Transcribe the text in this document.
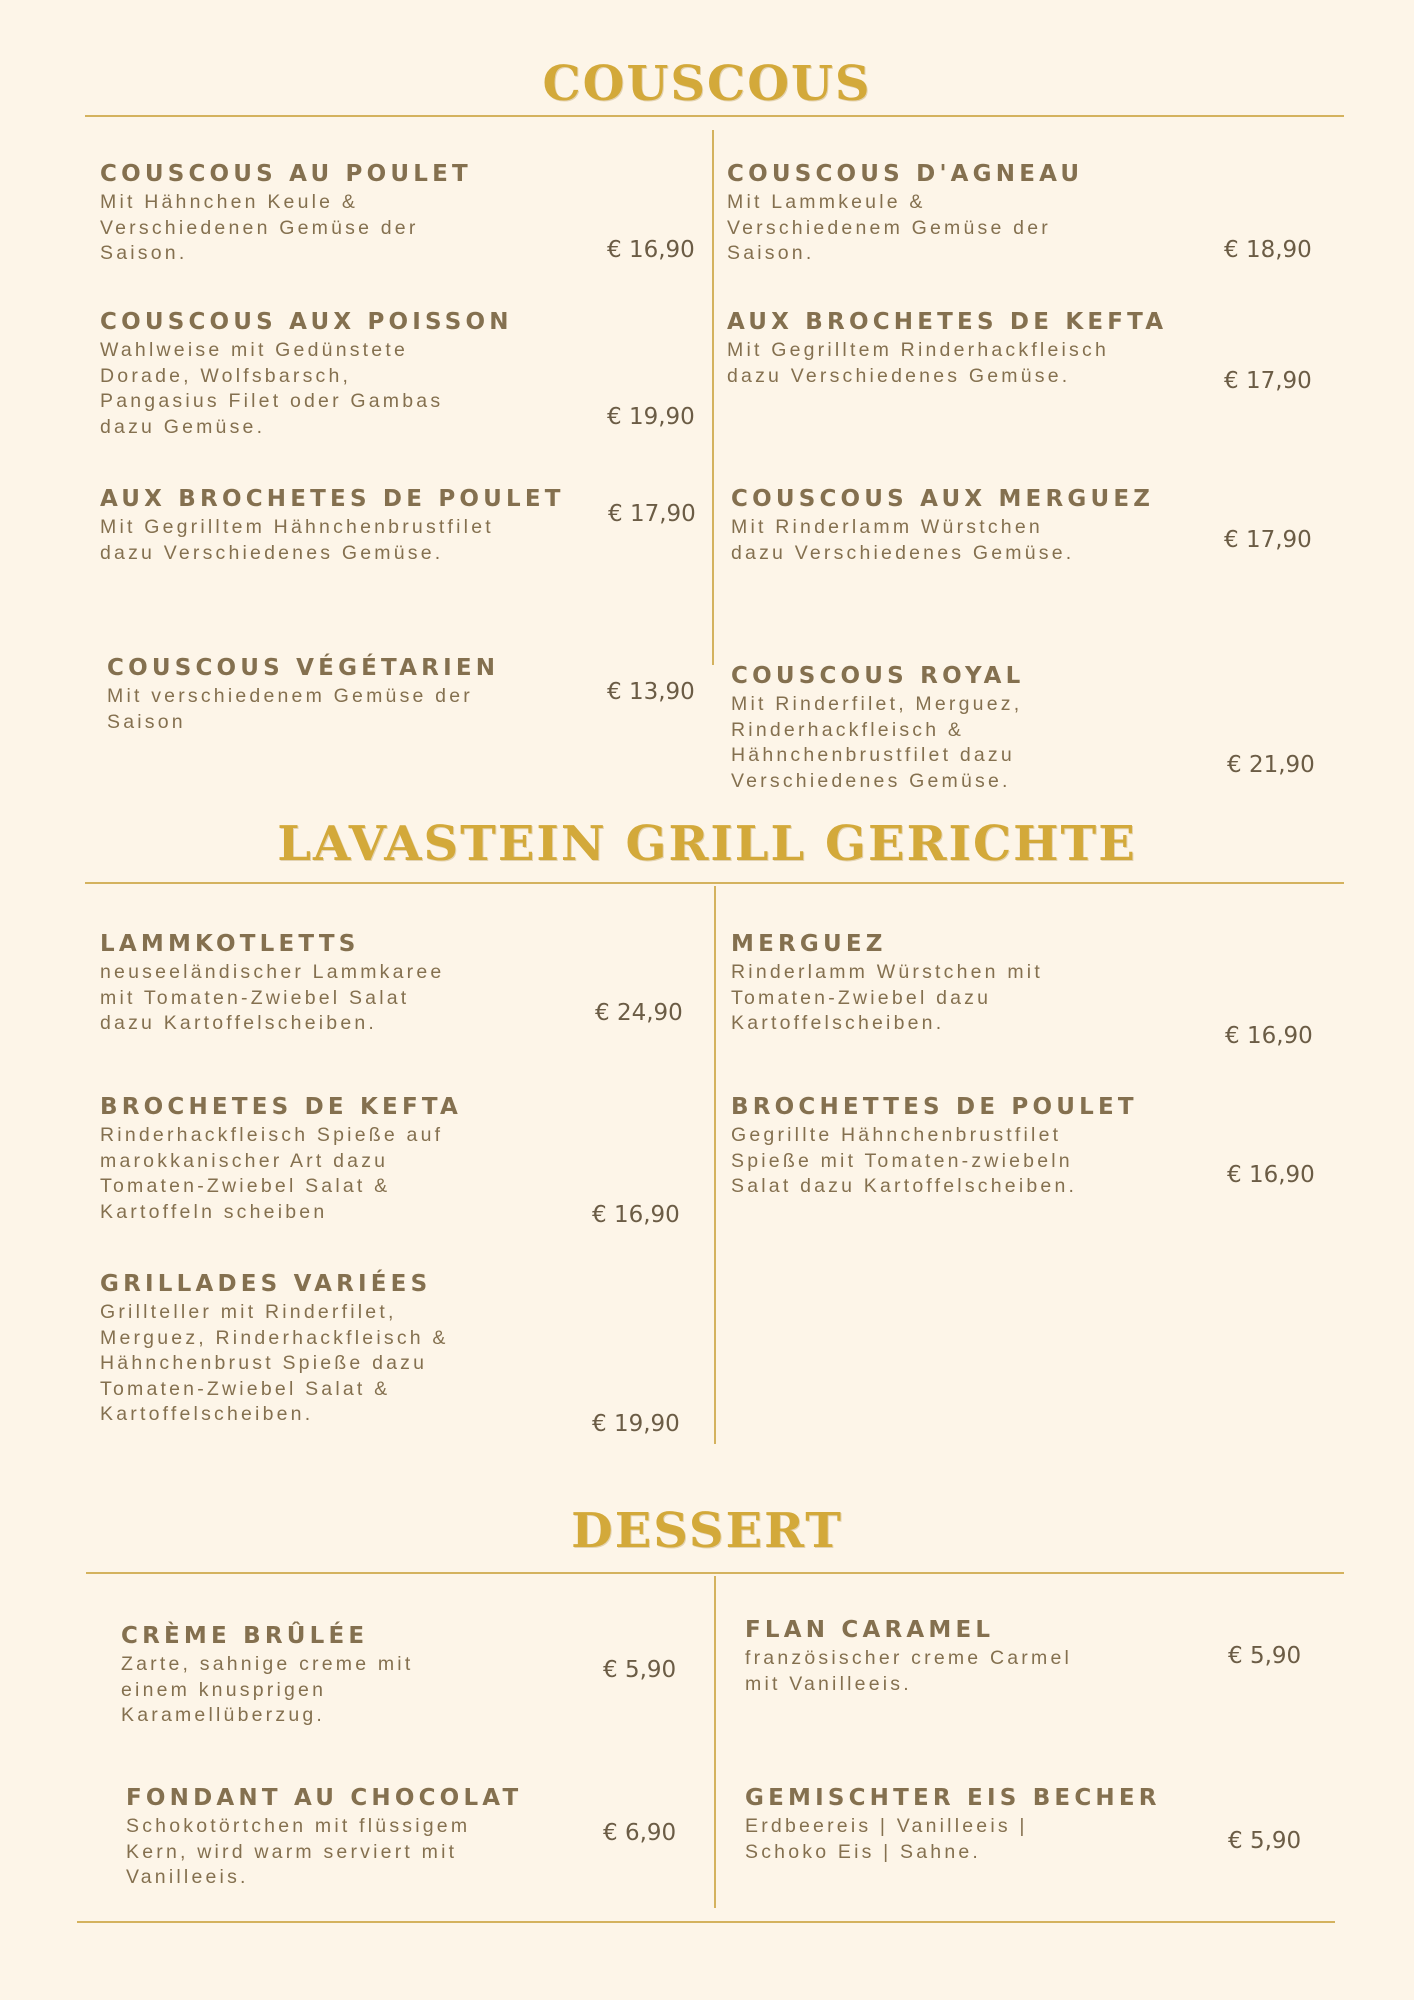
COUSCOUS

COUSCOUS AU POULET

Mit Hähnchen Keule &
Verschiedenen Gemüse der
Saison.	€ 16,90

COUSCOUS D'AGNEAU

Mit Lammkeule &
Verschiedenem Gemüse der
Saison.	€ 18,90

COUSCOUS AUX POISSON

Wahlweise mit Gedünstete
Dorade, Wolfsbarsch,
Pangasius Filet oder Gambas
dazu Gemüse.	€ 19,90

AUX BROCHETES DE KEFTA

Mit Gegrilltem Rinderhackfleisch
dazu Verschiedenes Gemüse.	€ 17,90

AUX BROCHETES DE POULET

Mit Gegrilltem Hähnchenbrustfilet
dazu Verschiedenes Gemüse.

€ 17,90

COUSCOUS AUX MERGUEZ

Mit Rinderlamm Würstchen
dazu Verschiedenes Gemüse.	€ 17,90

COUSCOUS VÉGÉTARIEN

Mit verschiedenem Gemüse der
Saison

€ 13,90

COUSCOUS ROYAL

Mit Rinderfilet, Merguez,
Rinderhackfleisch &
Hähnchenbrustfilet dazu
Verschiedenes Gemüse.

€ 21,90
LAVASTEIN GRILL GERICHTE

LAMMKOTLETTS

neuseeländischer Lammkaree
mit Tomaten-Zwiebel Salat
dazu Kartoffelscheiben.	€ 24,90

MERGUEZ

Rinderlamm Würstchen mit
Tomaten-Zwiebel dazu
Kartoffelscheiben.	€ 16,90

BROCHETES DE KEFTA

Rinderhackfleisch Spieße auf
marokkanischer Art dazu
Tomaten-Zwiebel Salat &
Kartoffeln scheiben	€ 16,90

BROCHETTES DE POULET

Gegrillte Hähnchenbrustfilet
Spieße mit Tomaten-zwiebeln
Salat dazu Kartoffelscheiben.	€ 16,90

GRILLADES VARIÉES

Grillteller mit Rinderfilet,
Merguez, Rinderhackfleisch &
Hähnchenbrust Spieße dazu
Tomaten-Zwiebel Salat &
Kartoffelscheiben.	€ 19,90
DESSERT

CRÈME BRÛLÉE

Zarte, sahnige creme mit
einem knusprigen
Karamellüberzug.

€ 5,90

FLAN CARAMEL

französischer creme Carmel
mit Vanilleeis.

€ 5,90

FONDANT AU CHOCOLAT

Schokotörtchen mit flüssigem
Kern, wird warm serviert mit
Vanilleeis.

€ 6,90

GEMISCHTER EIS BECHER

Erdbeereis | Vanilleeis |
Schoko Eis | Sahne.	€ 5,90
